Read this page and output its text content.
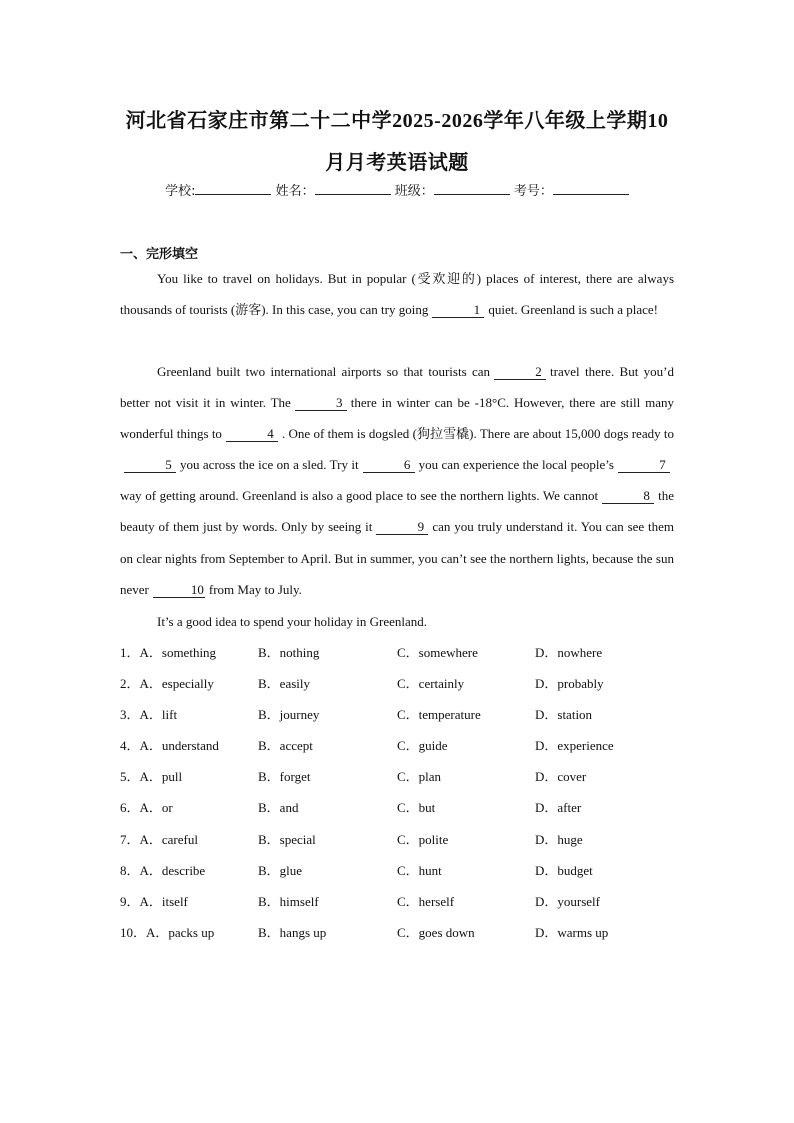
河北省石家庄市第二十二中学2025-2026学年八年级上学期10
月月考英语试题
学校:	姓名：	班级：	考号：
一、完形填空
You like to travel on holidays. But in popular (受欢迎的) places of interest, there are always thousands of tourists (游客). In this case, you can try going	1 quiet. Greenland is such a place!
Greenland built two international airports so that tourists can	2 travel there. But you’d better not visit it in winter. The	3 there in winter can be -18°C. However, there are still many wonderful things to	4 . One of them is dogsled (狗拉雪橇). There are about 15,000 dogs ready to5 you across the ice on a sled. Try it	6 you can experience the local people’s	7way of getting around. Greenland is also a good place to see the northern lights. We cannot	8 the beauty of them just by words. Only by seeing it	9 can you truly understand it. You can see them on clear nights from September to April. But in summer, you can’t see the northern lights, because the sun never	10 from May to July.
It’s a good idea to spend your holiday in Greenland.
1．A．something	B．nothing	C．somewhere	D．nowhere
2．A．especially	B．easily	C．certainly	D．probably
3．A．lift	B．journey	C．temperature	D．station
4．A．understand	B．accept	C．guide	D．experience
5．A．pull	B．forget	C．plan	D．cover
6．A．or	B．and	C．but	D．after
7．A．careful	B．special	C．polite	D．huge
8．A．describe	B．glue	C．hunt	D．budget
9．A．itself	B．himself	C．herself	D．yourself
10．A．packs up	B．hangs up	C．goes down	D．warms up
